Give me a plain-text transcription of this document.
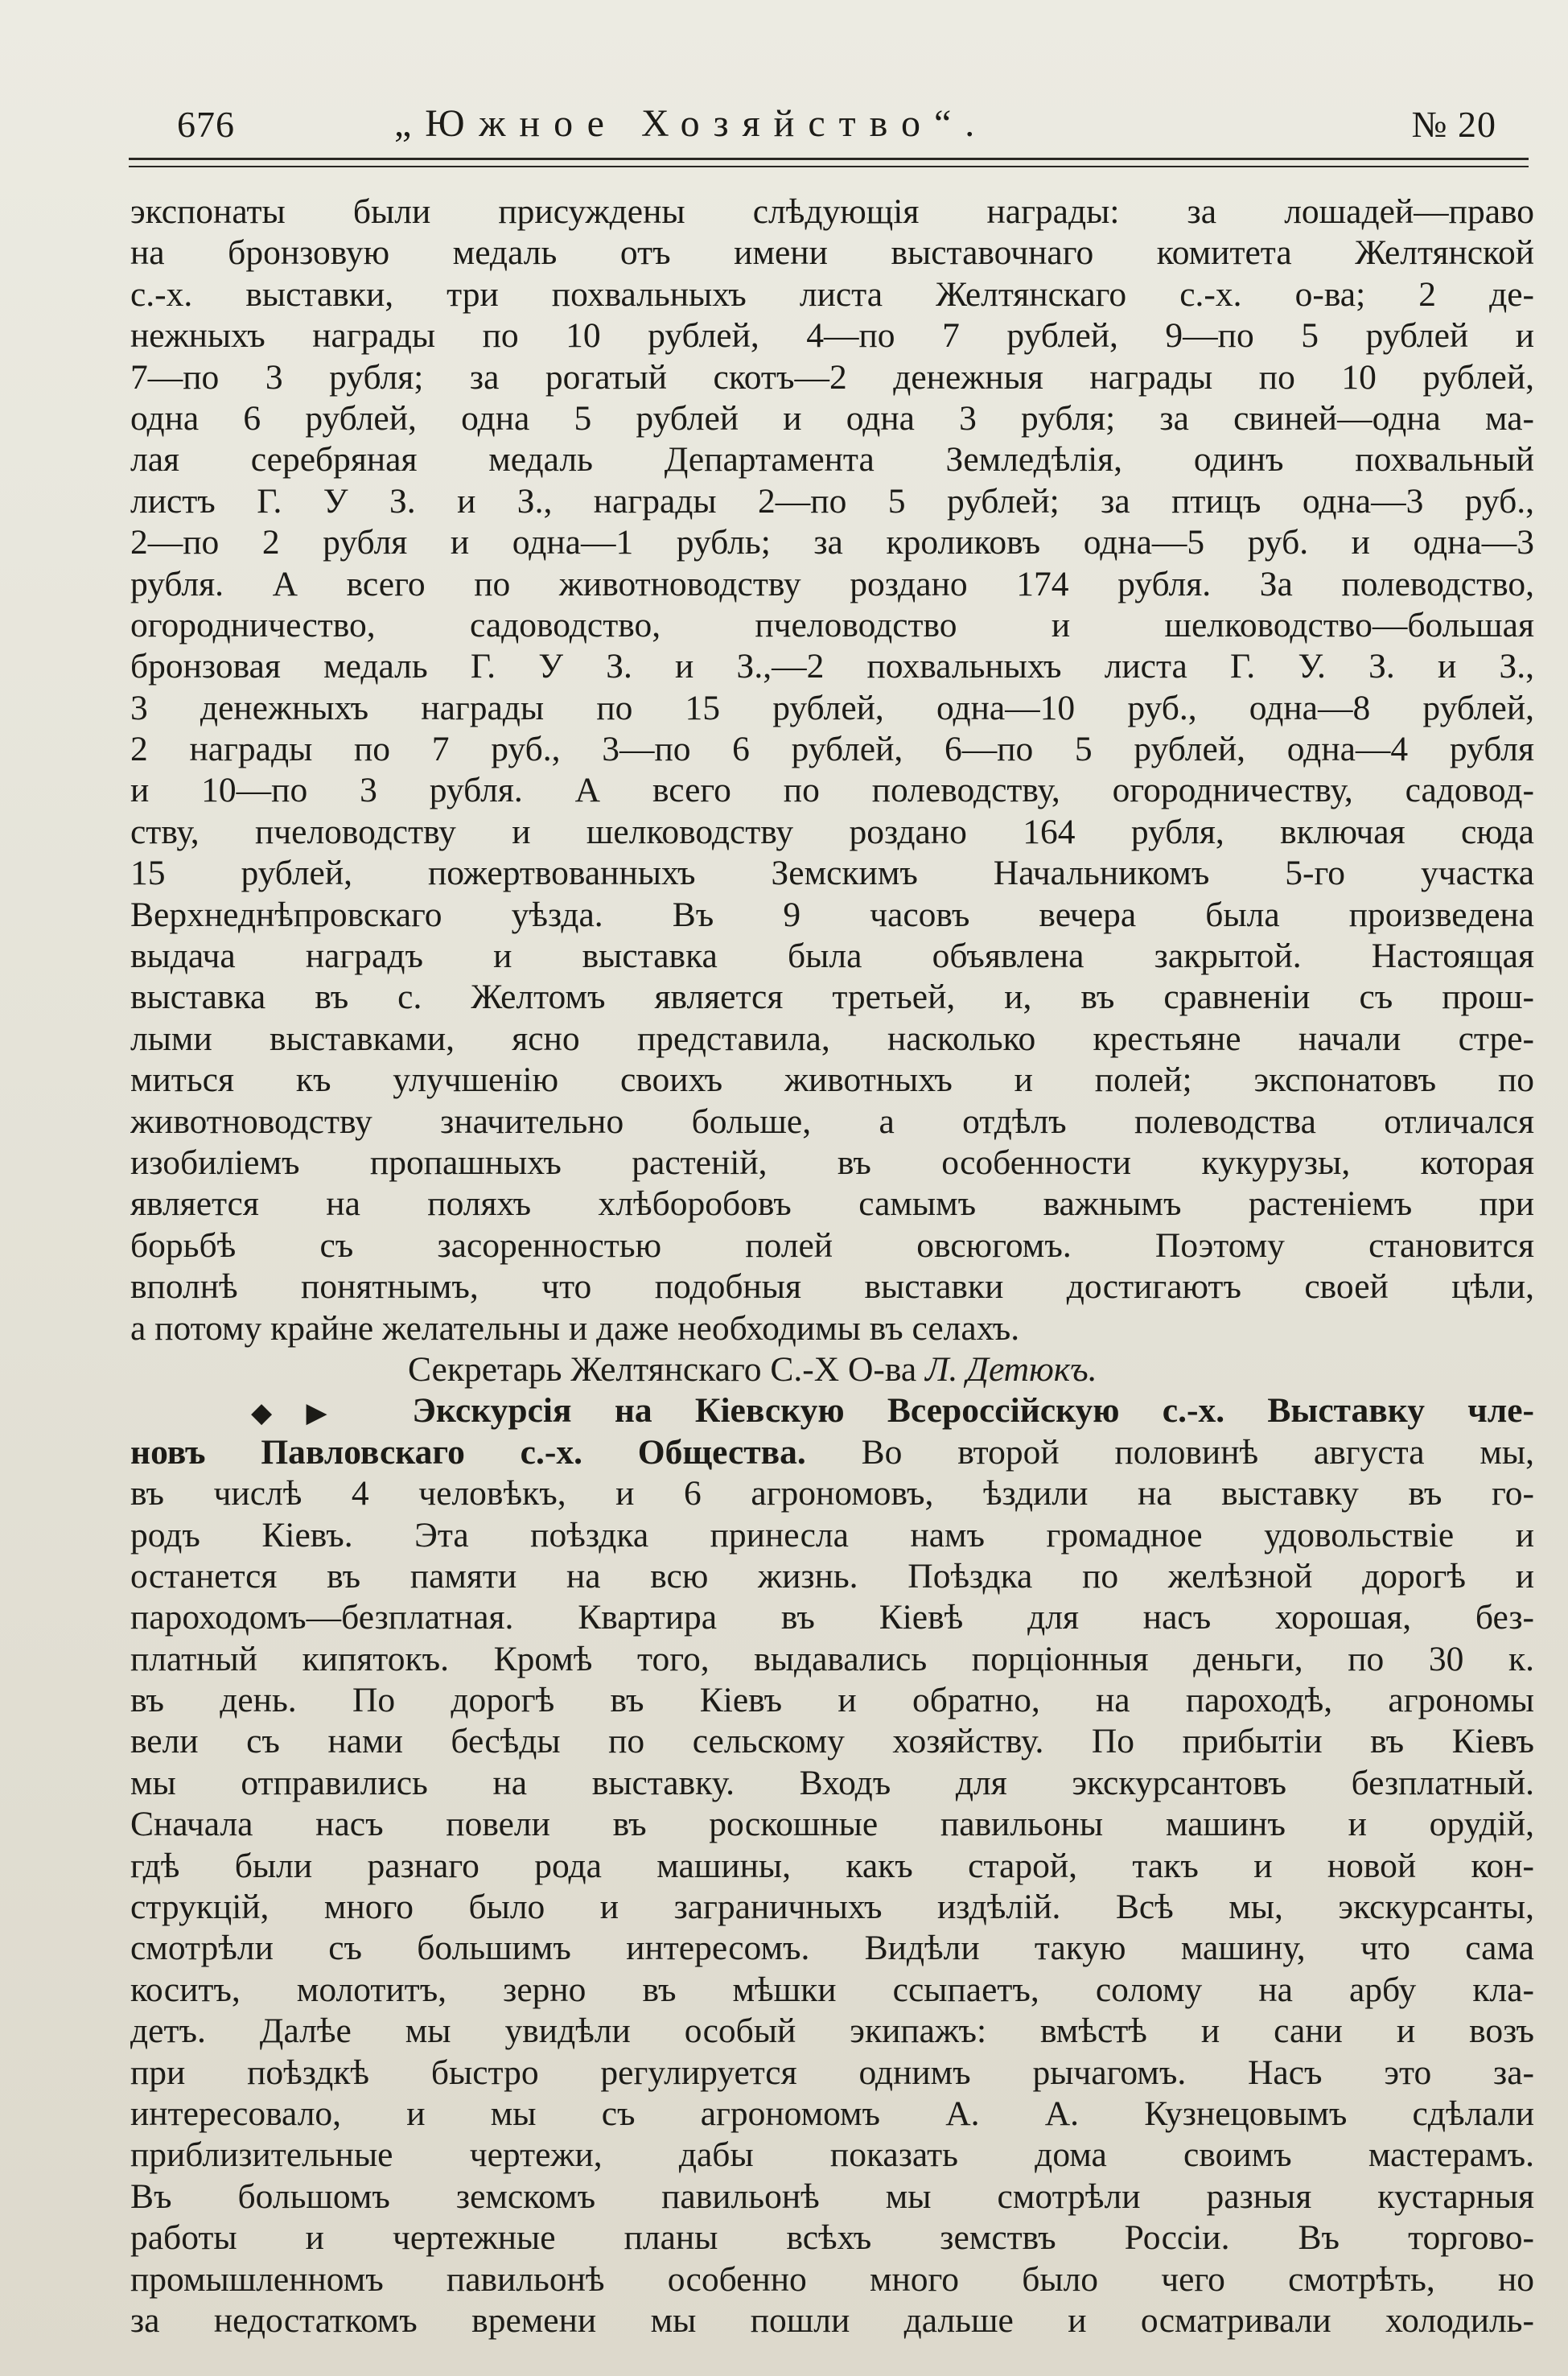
676	„Южное Хозяйство“.	№ 20
экспонаты были присуждены слѣдующія награды: за лошадей—право
на бронзовую медаль отъ имени выставочнаго комитета Желтянской
с.-х. выставки, три похвальныхъ листа Желтянскаго с.-х. о-ва; 2 де-
нежныхъ награды по 10 рублей, 4—по 7 рублей, 9—по 5 рублей и
7—по 3 рубля; за рогатый скотъ—2 денежныя награды по 10 рублей,
одна 6 рублей, одна 5 рублей и одна 3 рубля; за свиней—одна ма-
лая серебряная медаль Департамента Земледѣлія, одинъ похвальный
листъ Г. У З. и З., награды 2—по 5 рублей; за птицъ одна—3 руб.,
2—по 2 рубля и одна—1 рубль; за кроликовъ одна—5 руб. и одна—3
рубля. А всего по животноводству роздано 174 рубля. За полеводство,
огородничество, садоводство, пчеловодство и шелководство—большая
бронзовая медаль Г. У З. и З.,—2 похвальныхъ листа Г. У. З. и З.,
3 денежныхъ награды по 15 рублей, одна—10 руб., одна—8 рублей,
2 награды по 7 руб., 3—по 6 рублей, 6—по 5 рублей, одна—4 рубля
и 10—по 3 рубля. А всего по полеводству, огородничеству, садовод-
ству, пчеловодству и шелководству роздано 164 рубля, включая сюда
15 рублей, пожертвованныхъ Земскимъ Начальникомъ 5-го участка
Верхнеднѣпровскаго уѣзда. Въ 9 часовъ вечера была произведена
выдача наградъ и выставка была объявлена закрытой. Настоящая
выставка въ с. Желтомъ является третьей, и, въ сравненіи съ прош-
лыми выставками, ясно представила, насколько крестьяне начали стре-
миться къ улучшенію своихъ животныхъ и полей; экспонатовъ по
животноводству значительно больше, а отдѣлъ полеводства отличался
изобиліемъ пропашныхъ растеній, въ особенности кукурузы, которая
является на поляхъ хлѣборобовъ самымъ важнымъ растеніемъ при
борьбѣ съ засоренностью полей овсюгомъ. Поэтому становится
вполнѣ понятнымъ, что подобныя выставки достигаютъ своей цѣли,
а потому крайне желательны и даже необходимы въ селахъ.
Секретарь Желтянскаго С.-Х О-ва Л. Детюкъ.
◆▶ Экскурсія на Кіевскую Всероссійскую с.-х. Выставку чле-
новъ Павловскаго с.-х. Общества. Во второй половинѣ августа мы,
въ числѣ 4 человѣкъ, и 6 агрономовъ, ѣздили на выставку въ го-
родъ Кіевъ. Эта поѣздка принесла намъ громадное удовольствіе и
останется въ памяти на всю жизнь. Поѣздка по желѣзной дорогѣ и
пароходомъ—безплатная. Квартира въ Кіевѣ для насъ хорошая, без-
платный кипятокъ. Кромѣ того, выдавались порціонныя деньги, по 30 к.
въ день. По дорогѣ въ Кіевъ и обратно, на пароходѣ, агрономы
вели съ нами бесѣды по сельскому хозяйству. По прибытіи въ Кіевъ
мы отправились на выставку. Входъ для экскурсантовъ безплатный.
Сначала насъ повели въ роскошные павильоны машинъ и орудій,
гдѣ были разнаго рода машины, какъ старой, такъ и новой кон-
струкцій, много было и заграничныхъ издѣлій. Всѣ мы, экскурсанты,
смотрѣли съ большимъ интересомъ. Видѣли такую машину, что сама
коситъ, молотитъ, зерно въ мѣшки ссыпаетъ, солому на арбу кла-
детъ. Далѣе мы увидѣли особый экипажъ: вмѣстѣ и сани и возъ
при поѣздкѣ быстро регулируется однимъ рычагомъ. Насъ это за-
интересовало, и мы съ агрономомъ А. А. Кузнецовымъ сдѣлали
приблизительные чертежи, дабы показать дома своимъ мастерамъ.
Въ большомъ земскомъ павильонѣ мы смотрѣли разныя кустарныя
работы и чертежные планы всѣхъ земствъ Россіи. Въ торгово-
промышленномъ павильонѣ особенно много было чего смотрѣть, но
за недостаткомъ времени мы пошли дальше и осматривали холодиль-
